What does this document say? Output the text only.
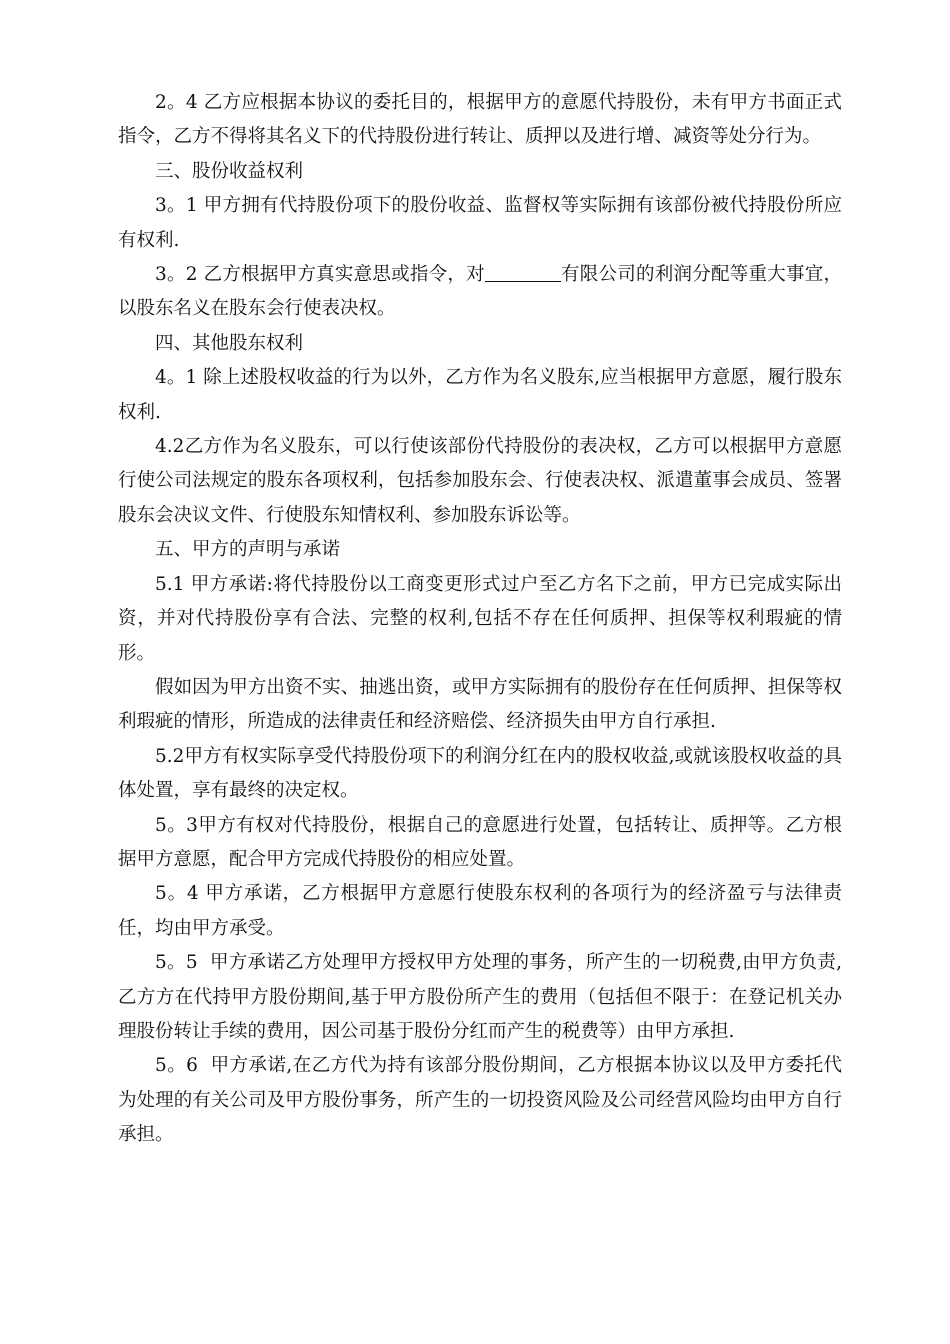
2。4 乙方应根据本协议的委托目的，根据甲方的意愿代持股份，未有甲方书面正式指令，乙方不得将其名义下的代持股份进行转让、质押以及进行增、减资等处分行为。

三、股份收益权利

3。1 甲方拥有代持股份项下的股份收益、监督权等实际拥有该部份被代持股份所应有权利.

3。2 乙方根据甲方真实意思或指令，对	有限公司的利润分配等重大事宜，以股东名义在股东会行使表决权。

四、其他股东权利

4。1 除上述股权收益的行为以外，乙方作为名义股东,应当根据甲方意愿，履行股东权利.

4.2乙方作为名义股东，可以行使该部份代持股份的表决权，乙方可以根据甲方意愿行使公司法规定的股东各项权利，包括参加股东会、行使表决权、派遣董事会成员、签署股东会决议文件、行使股东知情权利、参加股东诉讼等。

五、甲方的声明与承诺

5.1 甲方承诺:将代持股份以工商变更形式过户至乙方名下之前，甲方已完成实际出资，并对代持股份享有合法、完整的权利,包括不存在任何质押、担保等权利瑕疵的情形。

假如因为甲方出资不实、抽逃出资，或甲方实际拥有的股份存在任何质押、担保等权利瑕疵的情形，所造成的法律责任和经济赔偿、经济损失由甲方自行承担.

5.2甲方有权实际享受代持股份项下的利润分红在内的股权收益,或就该股权收益的具体处置，享有最终的决定权。

5。3甲方有权对代持股份，根据自己的意愿进行处置，包括转让、质押等。乙方根据甲方意愿，配合甲方完成代持股份的相应处置。

5。4 甲方承诺，乙方根据甲方意愿行使股东权利的各项行为的经济盈亏与法律责任，均由甲方承受。

5。5  甲方承诺乙方处理甲方授权甲方处理的事务，所产生的一切税费,由甲方负责,乙方方在代持甲方股份期间,基于甲方股份所产生的费用（包括但不限于：在登记机关办理股份转让手续的费用，因公司基于股份分红而产生的税费等）由甲方承担.

5。6  甲方承诺,在乙方代为持有该部分股份期间，乙方根据本协议以及甲方委托代为处理的有关公司及甲方股份事务，所产生的一切投资风险及公司经营风险均由甲方自行承担。
